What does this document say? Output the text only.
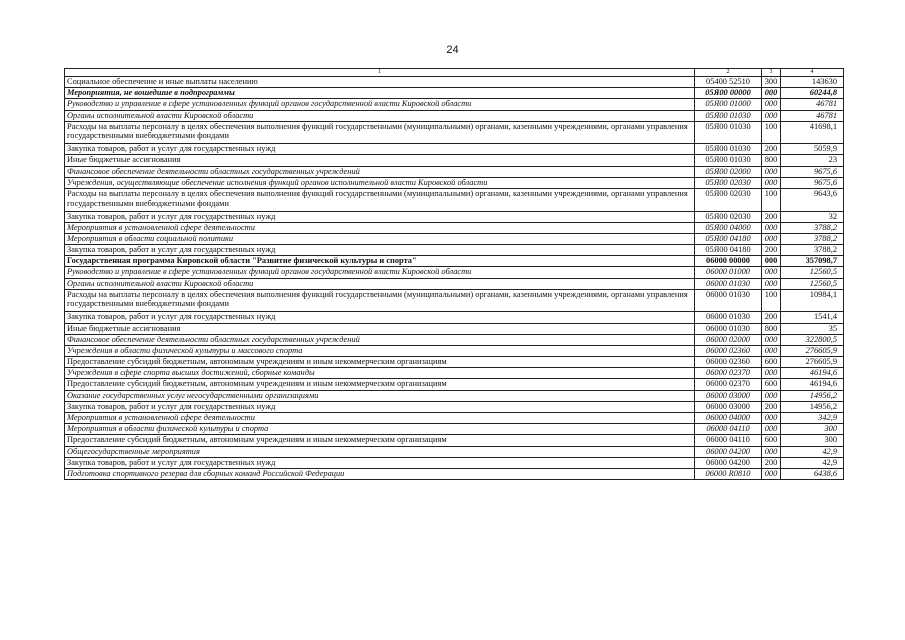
24
1	2	3	4
Социальное обеспечение и иные выплаты населению	05400 52510	300	143630
Мероприятия, не вошедшие в подпрограммы	05Я00 00000	000	60244,8
Руководство и управление в сфере установленных функций органов государственной власти Кировской области	05Я00 01000	000	46781
Органы исполнительной власти Кировской области	05Я00 01030	000	46781
Расходы на выплаты персоналу в целях обеспечения выполнения функций государственными (муниципальными) органами, казенными учреждениями, органами управления государственными внебюджетными фондами	05Я00 01030	100	41698,1
Закупка товаров, работ и услуг для государственных нужд	05Я00 01030	200	5059,9
Иные бюджетные ассигнования	05Я00 01030	800	23
Финансовое обеспечение деятельности областных государственных учреждений	05Я00 02000	000	9675,6
Учреждения, осуществляющие обеспечение исполнения функций органов исполнительной власти Кировской области	05Я00 02030	000	9675,6
Расходы на выплаты персоналу в целях обеспечения выполнения функций государственными (муниципальными) органами, казенными учреждениями, органами управления государственными внебюджетными фондами	05Я00 02030	100	9643,6
Закупка товаров, работ и услуг для государственных нужд	05Я00 02030	200	32
Мероприятия в установленной сфере деятельности	05Я00 04000	000	3788,2
Мероприятия в области социальной политики	05Я00 04180	000	3788,2
Закупка товаров, работ и услуг для государственных нужд	05Я00 04180	200	3788,2
Государственная программа Кировской области "Развитие физической культуры и спорта"	06000 00000	000	357098,7
Руководство и управление в сфере установленных функций органов государственной власти Кировской области	06000 01000	000	12560,5
Органы исполнительной власти Кировской области	06000 01030	000	12560,5
Расходы на выплаты персоналу в целях обеспечения выполнения функций государственными (муниципальными) органами, казенными учреждениями, органами управления государственными внебюджетными фондами	06000 01030	100	10984,1
Закупка товаров, работ и услуг для государственных нужд	06000 01030	200	1541,4
Иные бюджетные ассигнования	06000 01030	800	35
Финансовое обеспечение деятельности областных государственных учреждений	06000 02000	000	322800,5
Учреждения в области физической культуры и массового спорта	06000 02360	000	276605,9
Предоставление субсидий бюджетным, автономным учреждениям и иным некоммерческим организациям	06000 02360	600	276605,9
Учреждения в сфере спорта высших достижений, сборные команды	06000 02370	000	46194,6
Предоставление субсидий бюджетным, автономным учреждениям и иным некоммерческим организациям	06000 02370	600	46194,6
Оказание государственных услуг негосударственными организациями	06000 03000	000	14956,2
Закупка товаров, работ и услуг для государственных нужд	06000 03000	200	14956,2
Мероприятия в установленной сфере деятельности	06000 04000	000	342,9
Мероприятия в области физической культуры и спорта	06000 04110	000	300
Предоставление субсидий бюджетным, автономным учреждениям и иным некоммерческим организациям	06000 04110	600	300
Общегосударственные мероприятия	06000 04200	000	42,9
Закупка товаров, работ и услуг для государственных нужд	06000 04200	200	42,9
Подготовка спортивного резерва для сборных команд Российской Федерации	06000 R0810	000	6438,6
